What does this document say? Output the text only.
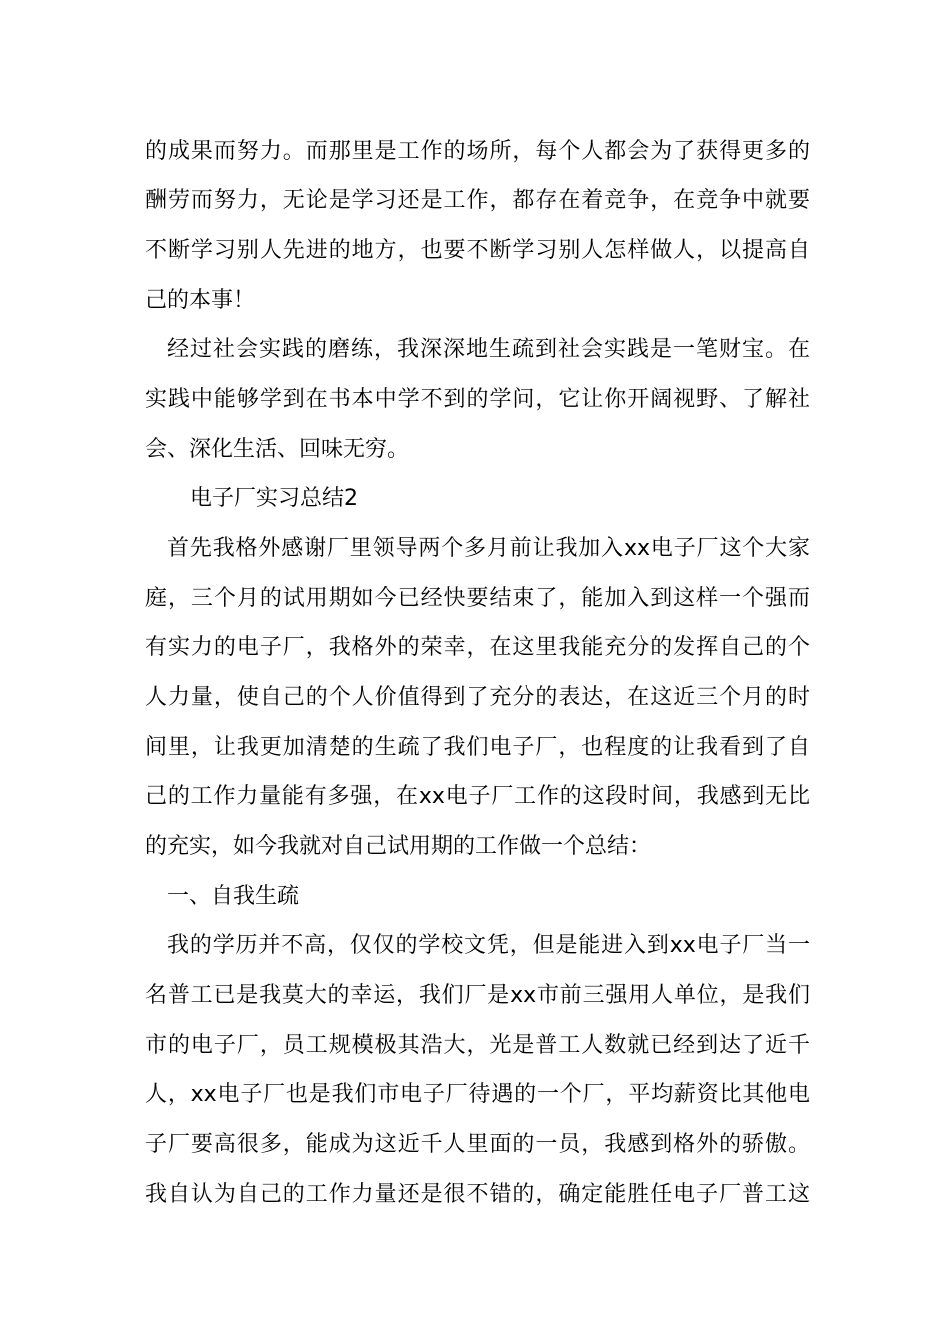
的成果而努力。而那里是工作的场所，每个人都会为了获得更多的
酬劳而努力，无论是学习还是工作，都存在着竞争，在竞争中就要
不断学习别人先进的地方，也要不断学习别人怎样做人，以提高自
己的本事！
经过社会实践的磨练，我深深地生疏到社会实践是一笔财宝。在
实践中能够学到在书本中学不到的学问，它让你开阔视野、了解社
会、深化生活、回味无穷。
电子厂实习总结2
首先我格外感谢厂里领导两个多月前让我加入xx电子厂这个大家
庭，三个月的试用期如今已经快要结束了，能加入到这样一个强而
有实力的电子厂，我格外的荣幸，在这里我能充分的发挥自己的个
人力量，使自己的个人价值得到了充分的表达，在这近三个月的时
间里，让我更加清楚的生疏了我们电子厂，也程度的让我看到了自
己的工作力量能有多强，在xx电子厂工作的这段时间，我感到无比
的充实，如今我就对自己试用期的工作做一个总结：
一、自我生疏
我的学历并不高，仅仅的学校文凭，但是能进入到xx电子厂当一
名普工已是我莫大的幸运，我们厂是xx市前三强用人单位，是我们
市的电子厂，员工规模极其浩大，光是普工人数就已经到达了近千
人，xx电子厂也是我们市电子厂待遇的一个厂，平均薪资比其他电
子厂要高很多，能成为这近千人里面的一员，我感到格外的骄傲。
我自认为自己的工作力量还是很不错的，确定能胜任电子厂普工这
